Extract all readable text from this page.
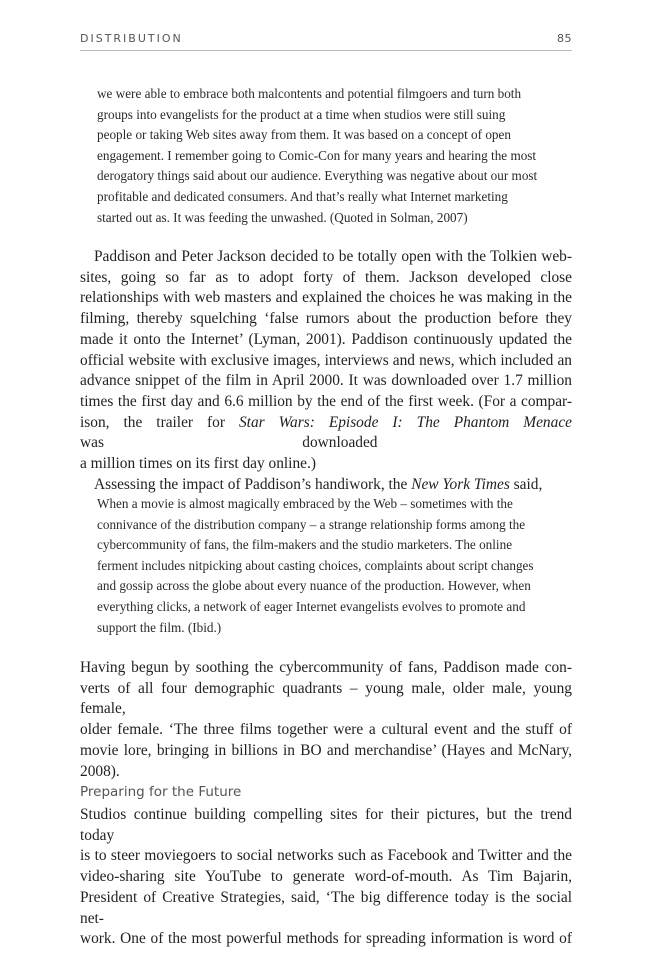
DISTRIBUTION	85
we were able to embrace both malcontents and potential filmgoers and turn both
groups into evangelists for the product at a time when studios were still suing
people or taking Web sites away from them. It was based on a concept of open
engagement. I remember going to Comic-Con for many years and hearing the most
derogatory things said about our audience. Everything was negative about our most
profitable and dedicated consumers. And that’s really what Internet marketing
started out as. It was feeding the unwashed. (Quoted in Solman, 2007)
Paddison and Peter Jackson decided to be totally open with the Tolkien web-
sites, going so far as to adopt forty of them. Jackson developed close
relationships with web masters and explained the choices he was making in the
filming, thereby squelching ‘false rumors about the production before they
made it onto the Internet’ (Lyman, 2001). Paddison continuously updated the
official website with exclusive images, interviews and news, which included an
advance snippet of the film in April 2000. It was downloaded over 1.7 million
times the first day and 6.6 million by the end of the first week. (For a compar-
ison, the trailer for Star Wars: Episode I: The Phantom Menace was downloaded
a million times on its first day online.)
Assessing the impact of Paddison’s handiwork, the New York Times said,
When a movie is almost magically embraced by the Web – sometimes with the
connivance of the distribution company – a strange relationship forms among the
cybercommunity of fans, the film-makers and the studio marketers. The online
ferment includes nitpicking about casting choices, complaints about script changes
and gossip across the globe about every nuance of the production. However, when
everything clicks, a network of eager Internet evangelists evolves to promote and
support the film. (Ibid.)
Having begun by soothing the cybercommunity of fans, Paddison made con-
verts of all four demographic quadrants – young male, older male, young female,
older female. ‘The three films together were a cultural event and the stuff of
movie lore, bringing in billions in BO and merchandise’ (Hayes and McNary,
2008).
Preparing for the Future
Studios continue building compelling sites for their pictures, but the trend today
is to steer moviegoers to social networks such as Facebook and Twitter and the
video-sharing site YouTube to generate word-of-mouth. As Tim Bajarin,
President of Creative Strategies, said, ‘The big difference today is the social net-
work. One of the most powerful methods for spreading information is word of
